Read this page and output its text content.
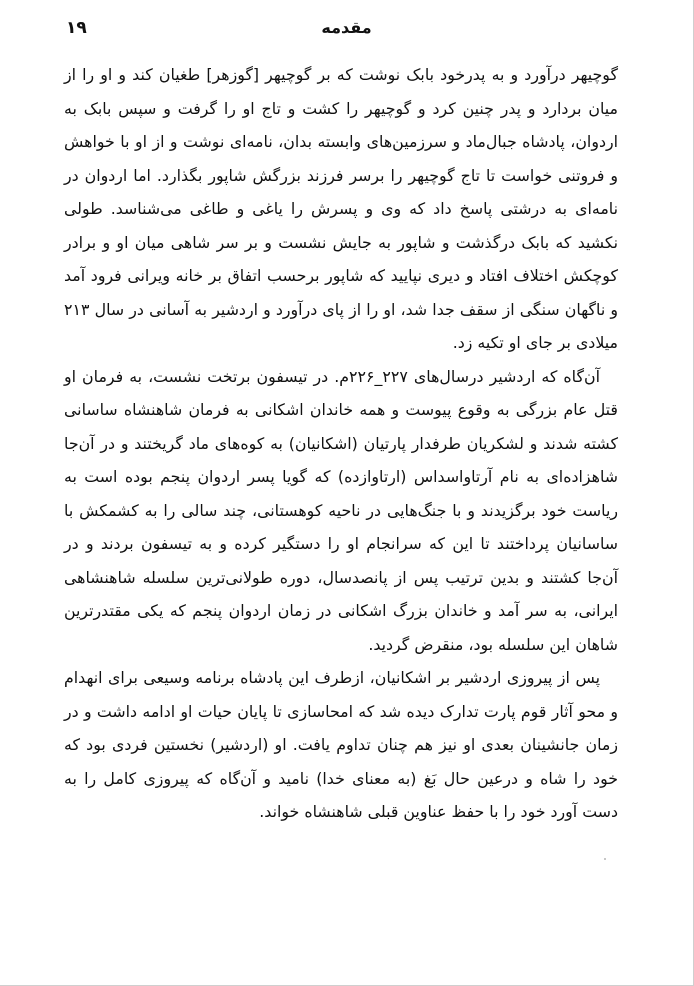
مقدمه
۱۹

گوچیهر درآورد و به پدرخود بابک نوشت که بر گوچیهر [گوزهر] طغیان کند و او را از میان بردارد و پدر چنین کرد و گوچیهر را کشت و تاج او را گرفت و سپس بابک به اردوان، پادشاه جبال‌ماد و سرزمین‌های وابسته بدان، نامه‌ای نوشت و از او با خواهش و فروتنی خواست تا تاج گوچیهر را برسر فرزند بزرگش شاپور بگذارد. اما اردوان در نامه‌ای به درشتی پاسخ داد که وی و پسرش را یاغی و طاغی می‌شناسد. طولی نکشید که بابک درگذشت و شاپور به جایش نشست و بر سر شاهی میان او و برادر کوچکش اختلاف افتاد و دیری نپایید که شاپور برحسب اتفاق بر خانه ویرانی فرود آمد و ناگهان سنگی از سقف جدا شد، او را از پای درآورد و اردشیر به آسانی در سال ۲۱۳ میلادی بر جای او تکیه زد.

آن‌گاه که اردشیر درسال‌های ۲۲۷_۲۲۶م. در تیسفون برتخت نشست، به فرمان او قتل عام بزرگی به وقوع پیوست و همه خاندان اشکانی به فرمان شاهنشاه ساسانی کشته شدند و لشکریان طرفدار پارتیان (اشکانیان) به کوه‌های ماد گریختند و در آن‌جا شاهزاده‌ای به نام آرتاواسداس (ارتاوازده) که گویا پسر اردوان پنجم بوده است به ریاست خود برگزیدند و با جنگ‌هایی در ناحیه کوهستانی، چند سالی را به کشمکش با ساسانیان پرداختند تا این که سرانجام او را دستگیر کرده و به تیسفون بردند و در آن‌جا کشتند و بدین ترتیب پس از پانصدسال، دوره طولانی‌ترین سلسله شاهنشاهی ایرانی، به سر آمد و خاندان بزرگ اشکانی در زمان اردوان پنجم که یکی مقتدرترین شاهان این سلسله بود، منقرض گردید.

پس از پیروزی اردشیر بر اشکانیان، ازطرف این پادشاه برنامه وسیعی برای انهدام و محو آثار قوم پارت تدارک دیده شد که امحاسازی تا پایان حیات او ادامه داشت و در زمان جانشینان بعدی او نیز هم چنان تداوم یافت. او (اردشیر) نخستین فردی بود که خود را شاه و درعین حال بَغ (به معنای خدا) نامید و آن‌گاه که پیروزی کامل را به دست آورد خود را با حفظ عناوین قبلی شاهنشاه خواند.
